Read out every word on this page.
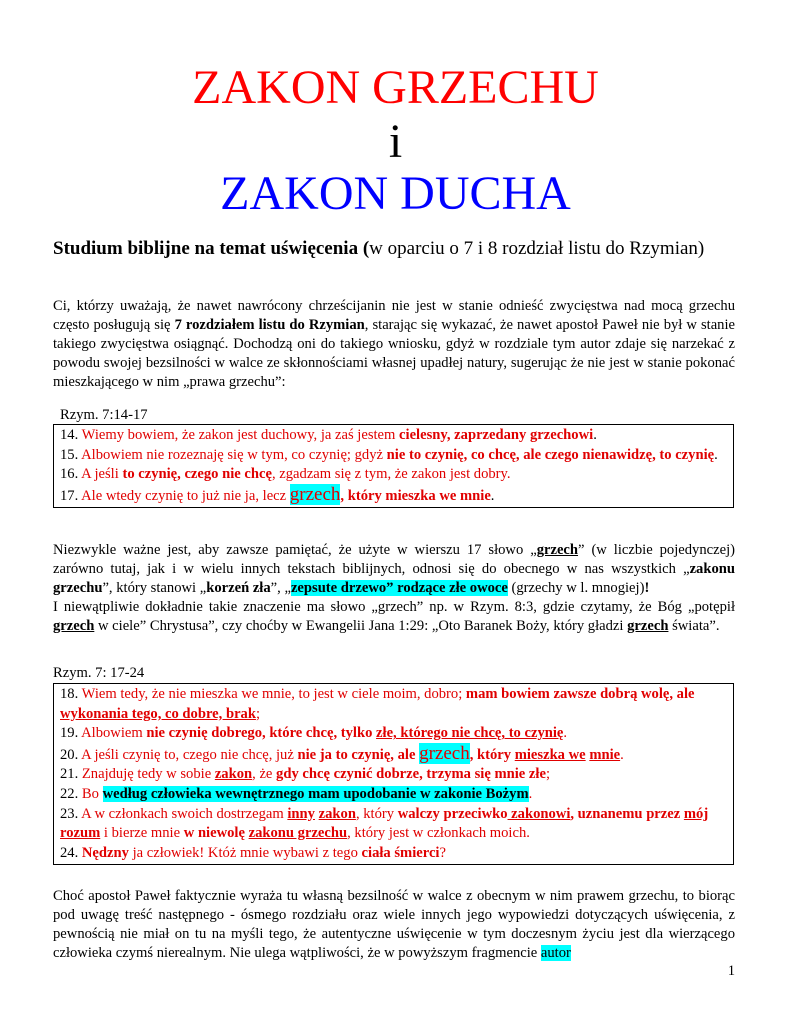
ZAKON GRZECHU
i
ZAKON DUCHA
Studium biblijne na temat uświęcenia (w oparciu o 7 i 8 rozdział listu do Rzymian)
Ci, którzy uważają, że nawet nawrócony chrześcijanin nie jest w stanie odnieść zwycięstwa nad mocą grzechu często posługują się 7 rozdziałem listu do Rzymian, starając się wykazać, że nawet apostoł Paweł nie był w stanie takiego zwycięstwa osiągnąć. Dochodzą oni do takiego wniosku, gdyż w rozdziale tym autor zdaje się narzekać z powodu swojej bezsilności w walce ze skłonnościami własnej upadłej natury, sugerując że nie jest w stanie pokonać mieszkającego w nim „prawa grzechu”:
Rzym. 7:14-17
14. Wiemy bowiem, że zakon jest duchowy, ja zaś jestem cielesny, zaprzedany grzechowi.
15. Albowiem nie rozeznaję się w tym, co czynię; gdyż nie to czynię, co chcę, ale czego nienawidzę, to czynię.
16. A jeśli to czynię, czego nie chcę, zgadzam się z tym, że zakon jest dobry.
17. Ale wtedy czynię to już nie ja, lecz grzech, który mieszka we mnie.
Niezwykle ważne jest, aby zawsze pamiętać, że użyte w wierszu 17 słowo „grzech” (w liczbie pojedynczej) zarówno tutaj, jak i w wielu innych tekstach biblijnych, odnosi się do obecnego w nas wszystkich „zakonu grzechu”, który stanowi „korzeń zła”, „zepsute drzewo” rodzące złe owoce (grzechy w l. mnogiej)!
I niewątpliwie dokładnie takie znaczenie ma słowo „grzech” np. w Rzym. 8:3, gdzie czytamy, że Bóg „potępił grzech w ciele” Chrystusa”, czy choćby w Ewangelii Jana 1:29: „Oto Baranek Boży, który gładzi grzech świata”.
Rzym. 7: 17-24
18. Wiem tedy, że nie mieszka we mnie, to jest w ciele moim, dobro; mam bowiem zawsze dobrą wolę, ale wykonania tego, co dobre, brak;
19. Albowiem nie czynię dobrego, które chcę, tylko złe, którego nie chcę, to czynię.
20. A jeśli czynię to, czego nie chcę, już nie ja to czynię, ale grzech, który mieszka we mnie.
21. Znajduję tedy w sobie zakon, że gdy chcę czynić dobrze, trzyma się mnie złe;
22. Bo według człowieka wewnętrznego mam upodobanie w zakonie Bożym.
23. A w członkach swoich dostrzegam inny zakon, który walczy przeciwko zakonowi, uznanemu przez mój rozum i bierze mnie w niewolę zakonu grzechu, który jest w członkach moich.
24. Nędzny ja człowiek! Któż mnie wybawi z tego ciała śmierci?
Choć apostoł Paweł faktycznie wyraża tu własną bezsilność w walce z obecnym w nim prawem grzechu, to biorąc pod uwagę treść następnego - ósmego rozdziału oraz wiele innych jego wypowiedzi dotyczących uświęcenia, z pewnością nie miał on tu na myśli tego, że autentyczne uświęcenie w tym doczesnym życiu jest dla wierzącego człowieka czymś nierealnym. Nie ulega wątpliwości, że w powyższym fragmencie autor
1
